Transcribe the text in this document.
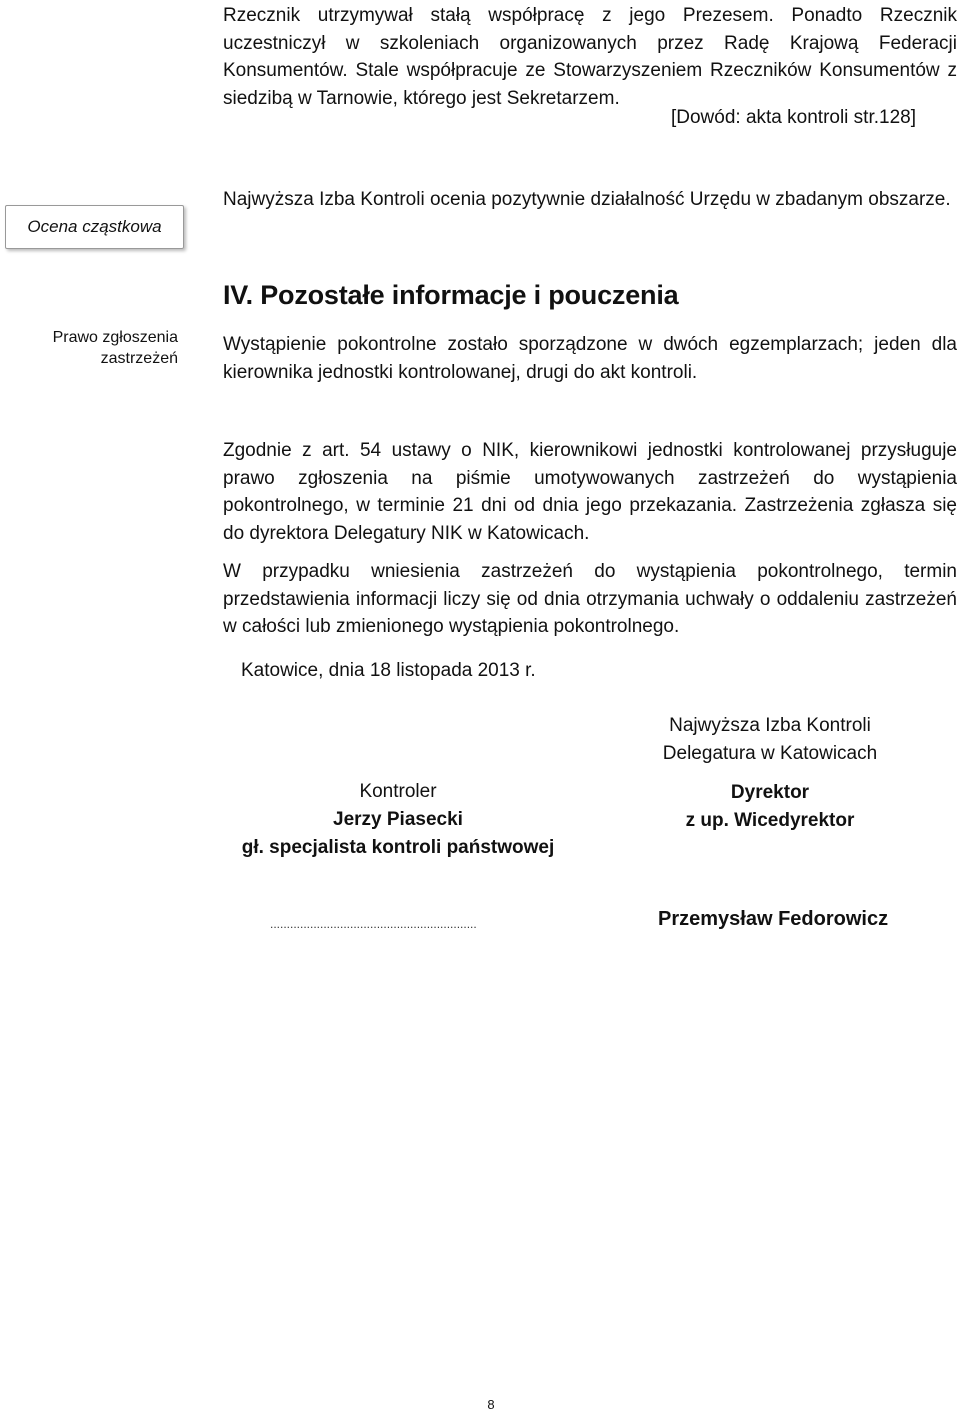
Rzecznik utrzymywał stałą współpracę z jego Prezesem. Ponadto Rzecznik uczestniczył w szkoleniach organizowanych przez Radę Krajową Federacji Konsumentów. Stale współpracuje ze Stowarzyszeniem Rzeczników Konsumentów z siedzibą w Tarnowie, którego jest Sekretarzem.
[Dowód: akta kontroli str.128]
Ocena cząstkowa
Najwyższa Izba Kontroli ocenia pozytywnie działalność Urzędu w zbadanym obszarze.
IV. Pozostałe informacje i pouczenia
Prawo zgłoszenia zastrzeżeń
Wystąpienie pokontrolne zostało sporządzone w dwóch egzemplarzach; jeden dla kierownika jednostki kontrolowanej, drugi do akt kontroli.
Zgodnie z art. 54 ustawy o NIK, kierownikowi jednostki kontrolowanej przysługuje prawo zgłoszenia na piśmie umotywowanych zastrzeżeń do wystąpienia pokontrolnego, w terminie 21 dni od dnia jego przekazania. Zastrzeżenia zgłasza się do dyrektora Delegatury NIK w Katowicach.
W przypadku wniesienia zastrzeżeń do wystąpienia pokontrolnego, termin przedstawienia informacji liczy się od dnia otrzymania uchwały o oddaleniu zastrzeżeń w całości lub zmienionego wystąpienia pokontrolnego.
Katowice, dnia 18 listopada 2013 r.
Najwyższa Izba Kontroli
Delegatura w Katowicach
Dyrektor
z up. Wicedyrektor
Kontroler
Jerzy Piasecki
gł. specjalista kontroli państwowej
..............................................................	Przemysław Fedorowicz
8
